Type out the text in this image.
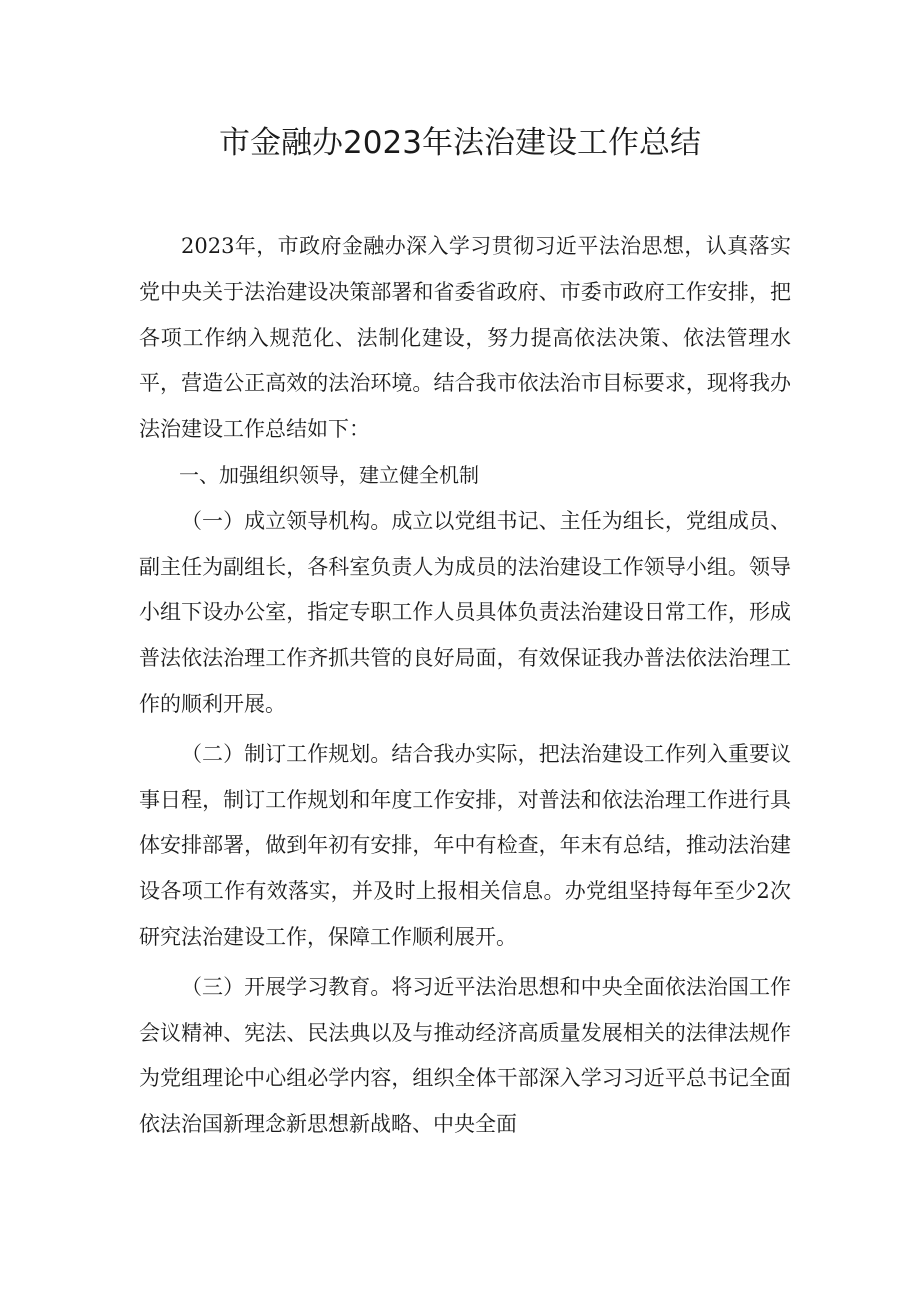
市金融办2023年法治建设工作总结

2023年，市政府金融办深入学习贯彻习近平法治思想，认真落实党中央关于法治建设决策部署和省委省政府、市委市政府工作安排，把各项工作纳入规范化、法制化建设，努力提高依法决策、依法管理水平，营造公正高效的法治环境。结合我市依法治市目标要求，现将我办法治建设工作总结如下：

一、加强组织领导，建立健全机制

（一）成立领导机构。成立以党组书记、主任为组长，党组成员、副主任为副组长，各科室负责人为成员的法治建设工作领导小组。领导小组下设办公室，指定专职工作人员具体负责法治建设日常工作，形成普法依法治理工作齐抓共管的良好局面，有效保证我办普法依法治理工作的顺利开展。

（二）制订工作规划。结合我办实际，把法治建设工作列入重要议事日程，制订工作规划和年度工作安排，对普法和依法治理工作进行具体安排部署，做到年初有安排，年中有检查，年末有总结，推动法治建设各项工作有效落实，并及时上报相关信息。办党组坚持每年至少2次研究法治建设工作，保障工作顺利展开。

（三）开展学习教育。将习近平法治思想和中央全面依法治国工作会议精神、宪法、民法典以及与推动经济高质量发展相关的法律法规作为党组理论中心组必学内容，组织全体干部深入学习习近平总书记全面依法治国新理念新思想新战略、中央全面
